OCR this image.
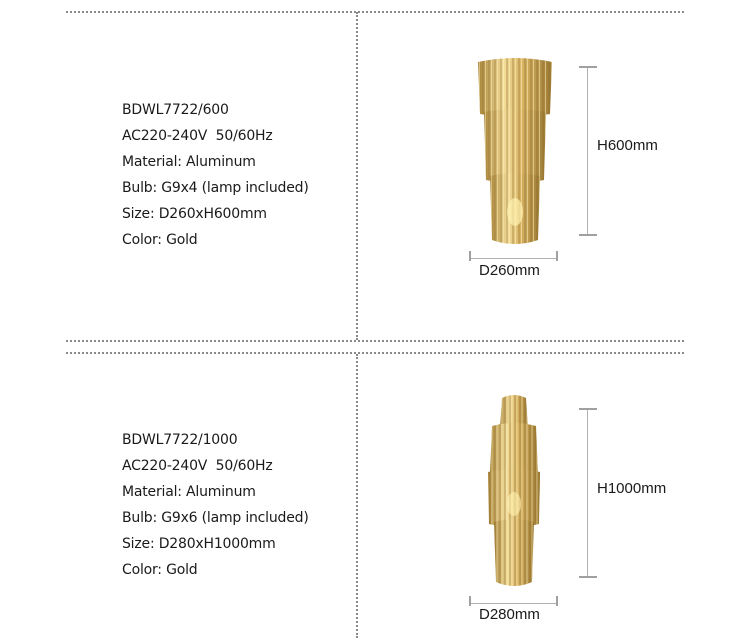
BDWL7722/600
AC220-240V  50/60Hz
Material: Aluminum
Bulb: G9x4 (lamp included)
Size: D260xH600mm
Color: Gold
H600mm
D260mm
BDWL7722/1000
AC220-240V  50/60Hz
Material: Aluminum
Bulb: G9x6 (lamp included)
Size: D280xH1000mm
Color: Gold
H1000mm
D280mm
